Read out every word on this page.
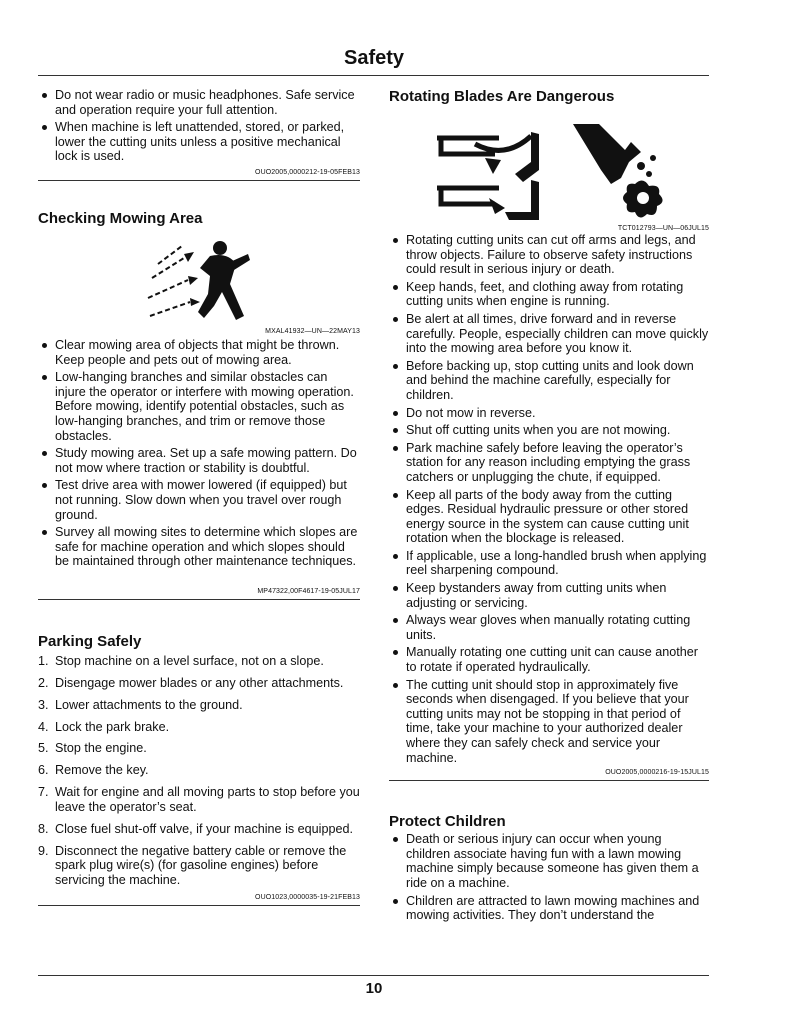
Safety
Do not wear radio or music headphones. Safe service and operation require your full attention.
When machine is left unattended, stored, or parked, lower the cutting units unless a positive mechanical lock is used.
OUO2005,0000212-19-05FEB13
Checking Mowing Area
MXAL41932—UN—22MAY13
Clear mowing area of objects that might be thrown. Keep people and pets out of mowing area.
Low-hanging branches and similar obstacles can injure the operator or interfere with mowing operation. Before mowing, identify potential obstacles, such as low-hanging branches, and trim or remove those obstacles.
Study mowing area. Set up a safe mowing pattern. Do not mow where traction or stability is doubtful.
Test drive area with mower lowered (if equipped) but not running. Slow down when you travel over rough ground.
Survey all mowing sites to determine which slopes are safe for machine operation and which slopes should be maintained through other maintenance techniques.
MP47322,00F4617-19-05JUL17
Parking Safely
1. Stop machine on a level surface, not on a slope.
2. Disengage mower blades or any other attachments.
3. Lower attachments to the ground.
4. Lock the park brake.
5. Stop the engine.
6. Remove the key.
7. Wait for engine and all moving parts to stop before you leave the operator’s seat.
8. Close fuel shut-off valve, if your machine is equipped.
9. Disconnect the negative battery cable or remove the spark plug wire(s) (for gasoline engines) before servicing the machine.
OUO1023,0000035-19-21FEB13
Rotating Blades Are Dangerous
TCT012793—UN—06JUL15
Rotating cutting units can cut off arms and legs, and throw objects. Failure to observe safety instructions could result in serious injury or death.
Keep hands, feet, and clothing away from rotating cutting units when engine is running.
Be alert at all times, drive forward and in reverse carefully. People, especially children can move quickly into the mowing area before you know it.
Before backing up, stop cutting units and look down and behind the machine carefully, especially for children.
Do not mow in reverse.
Shut off cutting units when you are not mowing.
Park machine safely before leaving the operator’s station for any reason including emptying the grass catchers or unplugging the chute, if equipped.
Keep all parts of the body away from the cutting edges. Residual hydraulic pressure or other stored energy source in the system can cause cutting unit rotation when the blockage is released.
If applicable, use a long-handled brush when applying reel sharpening compound.
Keep bystanders away from cutting units when adjusting or servicing.
Always wear gloves when manually rotating cutting units.
Manually rotating one cutting unit can cause another to rotate if operated hydraulically.
The cutting unit should stop in approximately five seconds when disengaged. If you believe that your cutting units may not be stopping in that period of time, take your machine to your authorized dealer where they can safely check and service your machine.
OUO2005,0000216-19-15JUL15
Protect Children
Death or serious injury can occur when young children associate having fun with a lawn mowing machine simply because someone has given them a ride on a machine.
Children are attracted to lawn mowing machines and mowing activities. They don’t understand the
10
